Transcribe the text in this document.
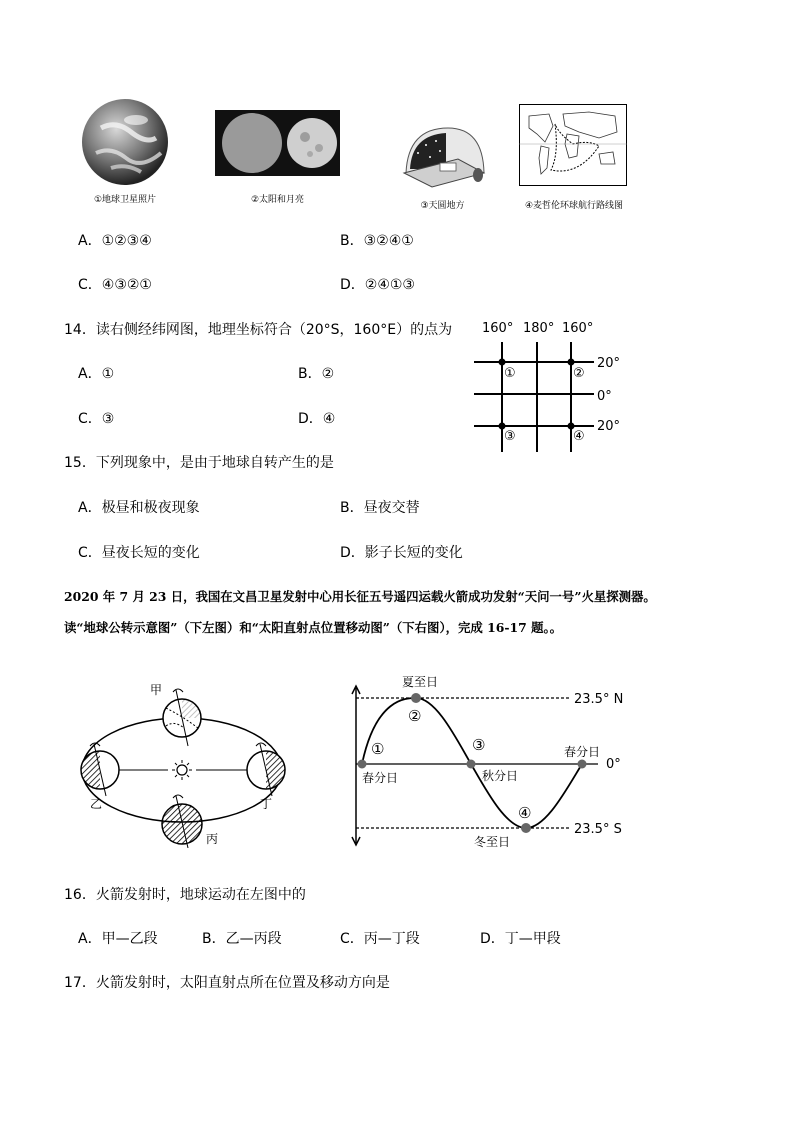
①地球卫星照片	②太阳和月亮
③天圆地方	④麦哲伦环球航行路线图
A．①②③④	B．③②④①
C．④③②①	D．②④①③
14．读右侧经纬网图，地理坐标符合（20°S，160°E）的点为
A．①	B．②
C．③	D．④
160° 180° 160°
20°
0°
20°
①	②
③	④
15．下列现象中，是由于地球自转产生的是
A．极昼和极夜现象	B．昼夜交替
C．昼夜长短的变化	D．影子长短的变化
2020 年 7 月 23 日，我国在文昌卫星发射中心用长征五号遥四运载火箭成功发射“天问一号”火星探测器。
读“地球公转示意图”（下左图）和“太阳直射点位置移动图”（下右图），完成 16-17 题。。
甲
乙
丙
丁
①
②
③
④
夏至日
春分日	秋分日
春分日
冬至日
23.5° N
0°
23.5° S
16．火箭发射时，地球运动在左图中的
A．甲—乙段	B．乙—丙段	C．丙—丁段	D．丁—甲段
17．火箭发射时，太阳直射点所在位置及移动方向是
